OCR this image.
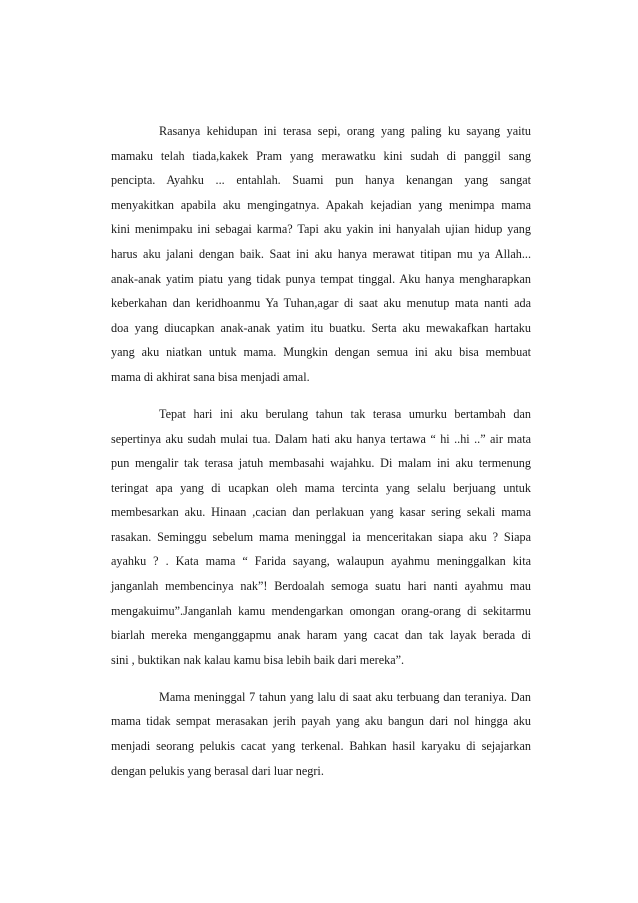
Rasanya kehidupan ini terasa sepi, orang yang paling ku sayang yaitu
mamaku telah tiada,kakek Pram yang merawatku kini sudah di panggil sang
pencipta. Ayahku ... entahlah. Suami pun hanya kenangan yang sangat
menyakitkan apabila aku mengingatnya. Apakah kejadian yang menimpa mama
kini menimpaku ini sebagai karma? Tapi aku yakin ini hanyalah ujian hidup yang
harus aku jalani dengan baik. Saat ini aku hanya merawat titipan mu ya Allah...
anak-anak yatim piatu yang tidak punya tempat tinggal. Aku hanya mengharapkan
keberkahan dan keridhoanmu Ya Tuhan,agar di saat aku menutup mata nanti ada
doa yang diucapkan anak-anak yatim itu buatku. Serta aku mewakafkan hartaku
yang aku niatkan untuk mama. Mungkin dengan semua ini aku bisa membuat
mama di akhirat sana bisa menjadi amal.
Tepat hari ini aku berulang tahun tak terasa umurku bertambah dan
sepertinya aku sudah mulai tua. Dalam hati aku hanya tertawa “ hi ..hi ..” air mata
pun mengalir tak terasa jatuh membasahi wajahku. Di malam ini aku termenung
teringat apa yang di ucapkan oleh mama tercinta yang selalu berjuang untuk
membesarkan aku. Hinaan ,cacian dan perlakuan yang kasar sering sekali mama
rasakan. Seminggu sebelum mama meninggal ia menceritakan siapa aku ? Siapa
ayahku ? . Kata mama “ Farida sayang, walaupun ayahmu meninggalkan kita
janganlah membencinya nak”! Berdoalah semoga suatu hari nanti ayahmu mau
mengakuimu”.Janganlah kamu mendengarkan omongan orang-orang di sekitarmu
biarlah mereka menganggapmu anak haram yang cacat dan tak layak berada di
sini , buktikan nak kalau kamu bisa lebih baik dari mereka”.
Mama meninggal 7 tahun yang lalu di saat aku terbuang dan teraniya. Dan
mama tidak sempat merasakan jerih payah yang aku bangun dari nol hingga aku
menjadi seorang pelukis cacat yang terkenal. Bahkan hasil karyaku di sejajarkan
dengan pelukis yang berasal dari luar negri.
